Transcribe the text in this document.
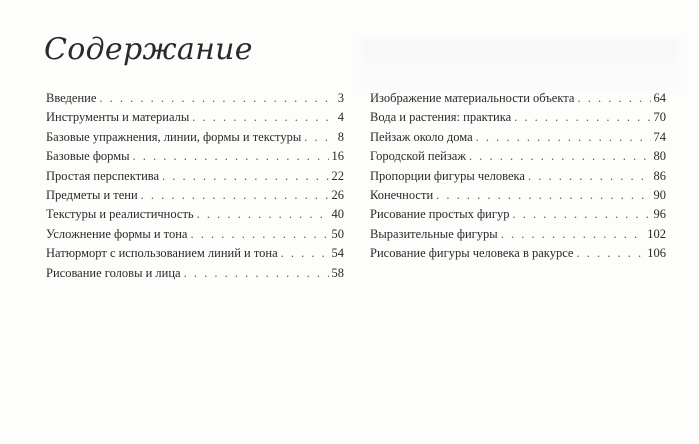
Содержание
Введение . . .	3
Инструменты и материалы . . .	4
Базовые упражнения, линии, формы и текстуры . . .	8
Базовые формы . . .	16
Простая перспектива . . .	22
Предметы и тени . . .	26
Текстуры и реалистичность . . .	40
Усложнение формы и тона . . .	50
Натюрморт с использованием линий и тона . . .	54
Рисование головы и лица . . .	58
Изображение материальности объекта . . .	64
Вода и растения: практика . . .	70
Пейзаж около дома . . .	74
Городской пейзаж . . .	80
Пропорции фигуры человека . . .	86
Конечности . . .	90
Рисование простых фигур . . .	96
Выразительные фигуры . . .	102
Рисование фигуры человека в ракурсе . . .	106
